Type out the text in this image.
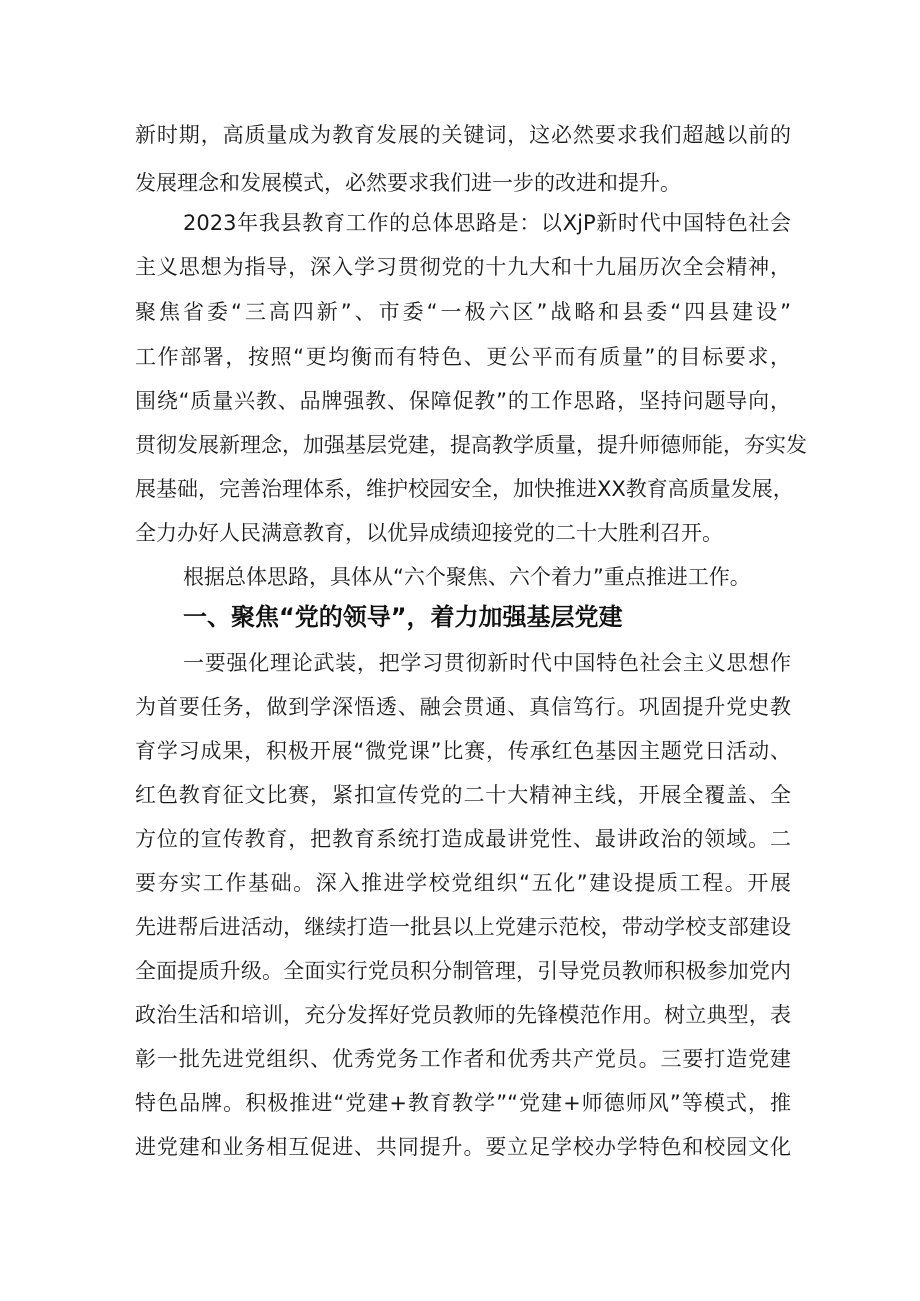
新时期，高质量成为教育发展的关键词，这必然要求我们超越以前的
发展理念和发展模式，必然要求我们进一步的改进和提升。
2023年我县教育工作的总体思路是：以XjP新时代中国特色社会
主义思想为指导，深入学习贯彻党的十九大和十九届历次全会精神，
聚焦省委“三高四新”、市委“一极六区”战略和县委“四县建设”
工作部署，按照“更均衡而有特色、更公平而有质量”的目标要求，
围绕“质量兴教、品牌强教、保障促教”的工作思路，坚持问题导向，
贯彻发展新理念，加强基层党建，提高教学质量，提升师德师能，夯实发
展基础，完善治理体系，维护校园安全，加快推进XX教育高质量发展，
全力办好人民满意教育，以优异成绩迎接党的二十大胜利召开。
根据总体思路，具体从“六个聚焦、六个着力”重点推进工作。
一、聚焦“党的领导”，着力加强基层党建
一要强化理论武装，把学习贯彻新时代中国特色社会主义思想作
为首要任务，做到学深悟透、融会贯通、真信笃行。巩固提升党史教
育学习成果，积极开展“微党课”比赛，传承红色基因主题党日活动、
红色教育征文比赛，紧扣宣传党的二十大精神主线，开展全覆盖、全
方位的宣传教育，把教育系统打造成最讲党性、最讲政治的领域。二
要夯实工作基础。深入推进学校党组织“五化”建设提质工程。开展
先进帮后进活动，继续打造一批县以上党建示范校，带动学校支部建设
全面提质升级。全面实行党员积分制管理，引导党员教师积极参加党内
政治生活和培训，充分发挥好党员教师的先锋模范作用。树立典型，表
彰一批先进党组织、优秀党务工作者和优秀共产党员。三要打造党建
特色品牌。积极推进“党建+教育教学”“党建+师德师风”等模式，推
进党建和业务相互促进、共同提升。要立足学校办学特色和校园文化
